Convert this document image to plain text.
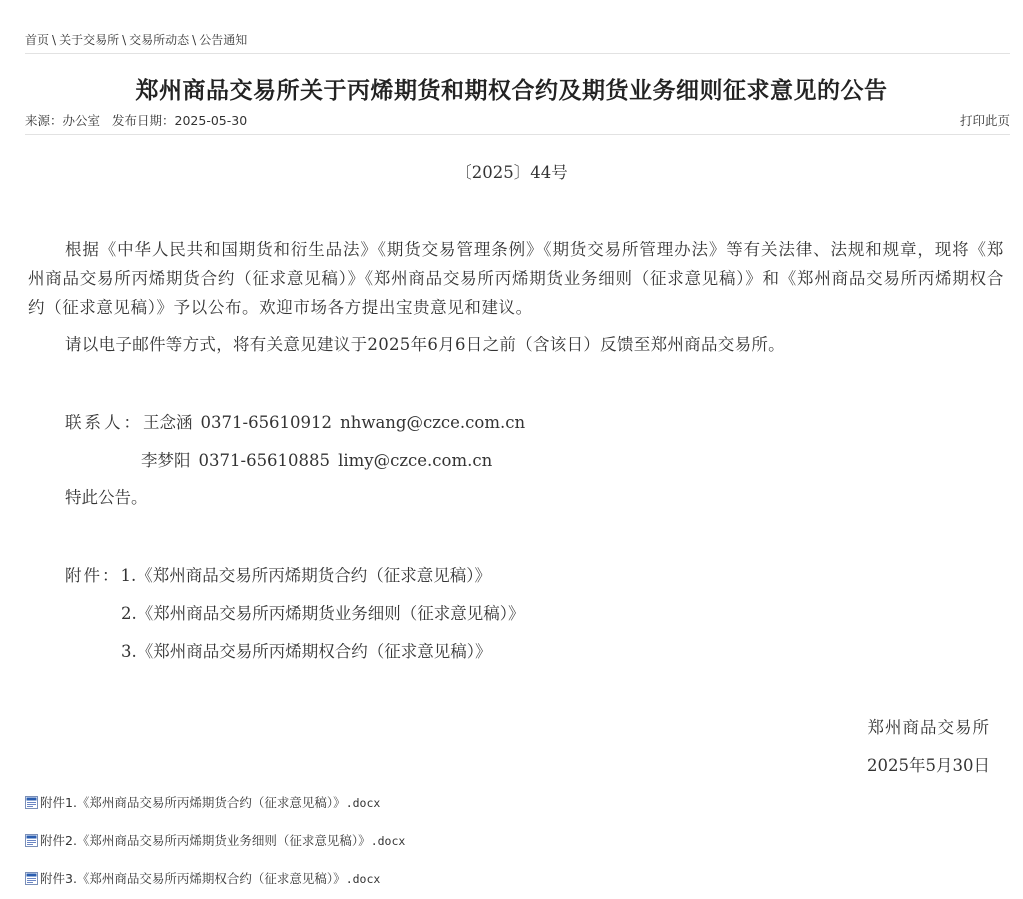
首页 \ 关于交易所 \ 交易所动态 \ 公告通知
郑州商品交易所关于丙烯期货和期权合约及期货业务细则征求意见的公告
来源：办公室 发布日期：2025-05-30	打印此页
〔2025〕44号
根据《中华人民共和国期货和衍生品法》《期货交易管理条例》《期货交易所管理办法》等有关法律、法规和规章，现将《郑州商品交易所丙烯期货合约（征求意见稿）》《郑州商品交易所丙烯期货业务细则（征求意见稿）》和《郑州商品交易所丙烯期权合约（征求意见稿）》予以公布。欢迎市场各方提出宝贵意见和建议。
请以电子邮件等方式，将有关意见建议于2025年6月6日之前（含该日）反馈至郑州商品交易所。
联系人：王念涵 0371-65610912 nhwang@czce.com.cn
李梦阳 0371-65610885 limy@czce.com.cn
特此公告。
附件：1.《郑州商品交易所丙烯期货合约（征求意见稿）》
2.《郑州商品交易所丙烯期货业务细则（征求意见稿）》
3.《郑州商品交易所丙烯期权合约（征求意见稿）》
郑州商品交易所
2025年5月30日
附件1.《郑州商品交易所丙烯期货合约（征求意见稿）》.docx
附件2.《郑州商品交易所丙烯期货业务细则（征求意见稿）》.docx
附件3.《郑州商品交易所丙烯期权合约（征求意见稿）》.docx
